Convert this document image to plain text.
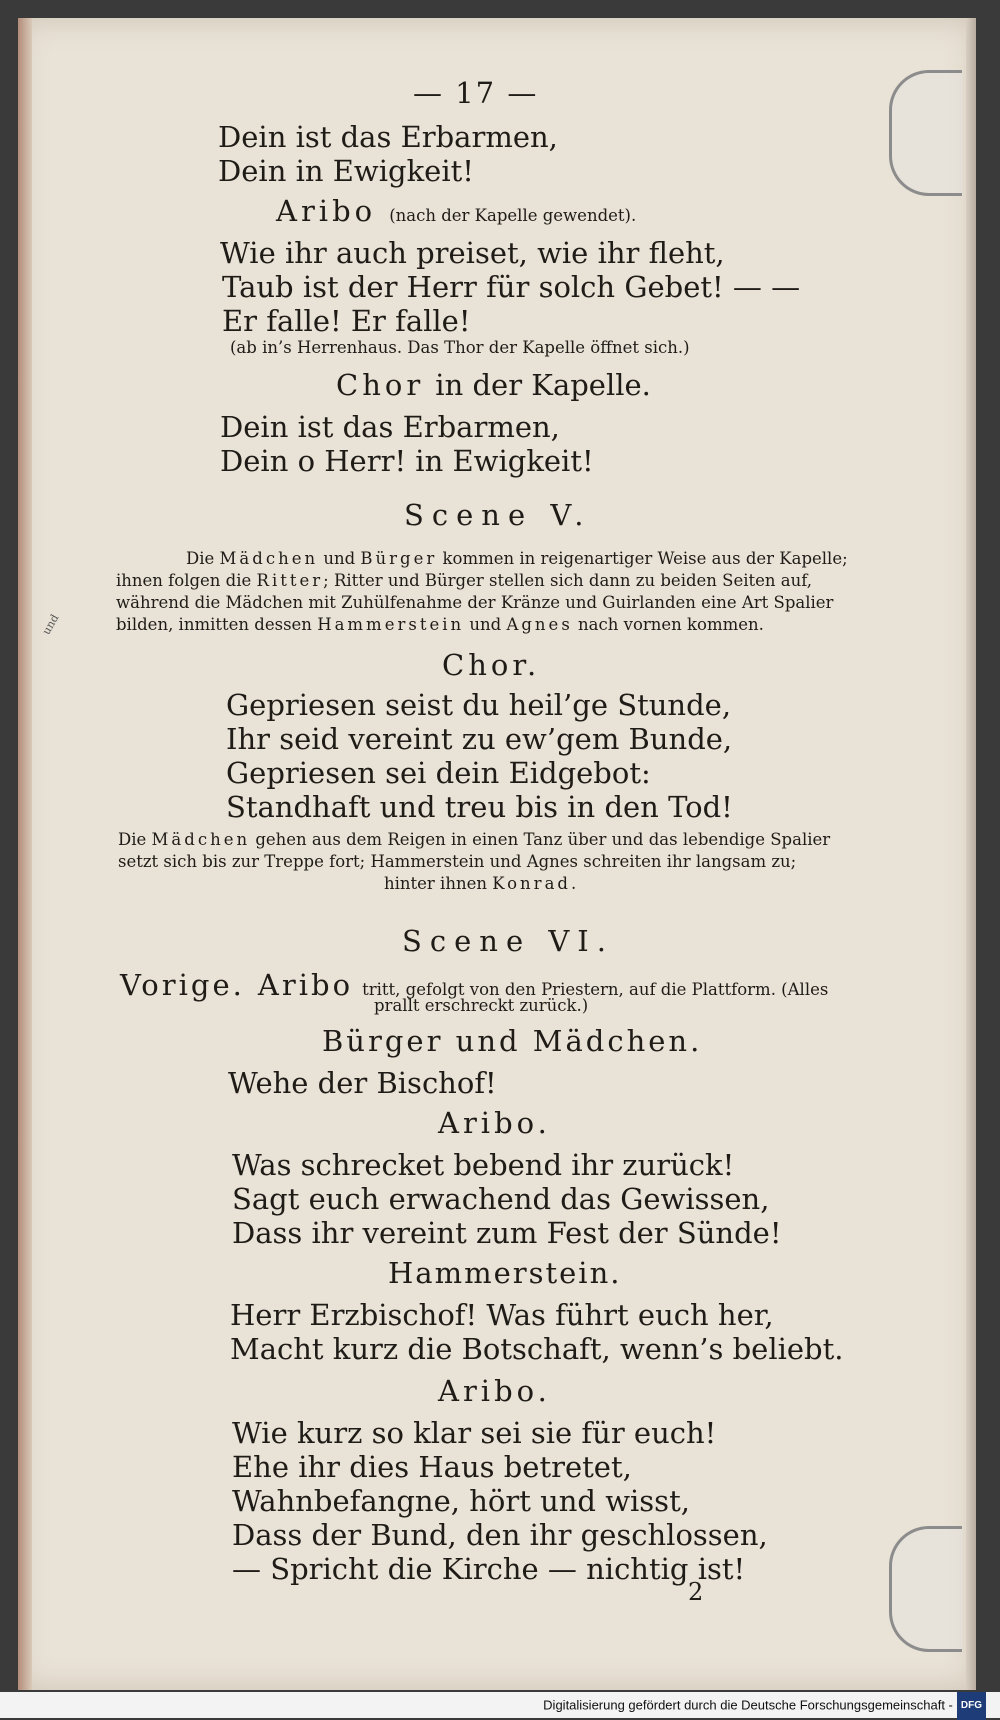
und
— 17 —
Dein ist das Erbarmen,
Dein in Ewigkeit!
Aribo (nach der Kapelle gewendet).
Wie ihr auch preiset, wie ihr fleht,
Taub ist der Herr für solch Gebet! — —
Er falle! Er falle!
(ab in’s Herrenhaus. Das Thor der Kapelle öffnet sich.)
Chor in der Kapelle.
Dein ist das Erbarmen,
Dein o Herr! in Ewigkeit!
Scene V.
Die Mädchen und Bürger kommen in reigenartiger Weise aus der Kapelle;
ihnen folgen die Ritter; Ritter und Bürger stellen sich dann zu beiden Seiten auf,
während die Mädchen mit Zuhülfenahme der Kränze und Guirlanden eine Art Spalier
bilden, inmitten dessen Hammerstein und Agnes nach vornen kommen.
Chor.
Gepriesen seist du heil’ge Stunde,
Ihr seid vereint zu ew’gem Bunde,
Gepriesen sei dein Eidgebot:
Standhaft und treu bis in den Tod!
Die Mädchen gehen aus dem Reigen in einen Tanz über und das lebendige Spalier
setzt sich bis zur Treppe fort; Hammerstein und Agnes schreiten ihr langsam zu;
hinter ihnen Konrad.
Scene VI.
Vorige. Aribo tritt, gefolgt von den Priestern, auf die Plattform. (Alles
prallt erschreckt zurück.)
Bürger und Mädchen.
Wehe der Bischof!
Aribo.
Was schrecket bebend ihr zurück!
Sagt euch erwachend das Gewissen,
Dass ihr vereint zum Fest der Sünde!
Hammerstein.
Herr Erzbischof! Was führt euch her,
Macht kurz die Botschaft, wenn’s beliebt.
Aribo.
Wie kurz so klar sei sie für euch!
Ehe ihr dies Haus betretet,
Wahnbefangne, hört und wisst,
Dass der Bund, den ihr geschlossen,
— Spricht die Kirche — nichtig ist!
2
Digitalisierung gefördert durch die Deutsche Forschungsgemeinschaft - DFG
